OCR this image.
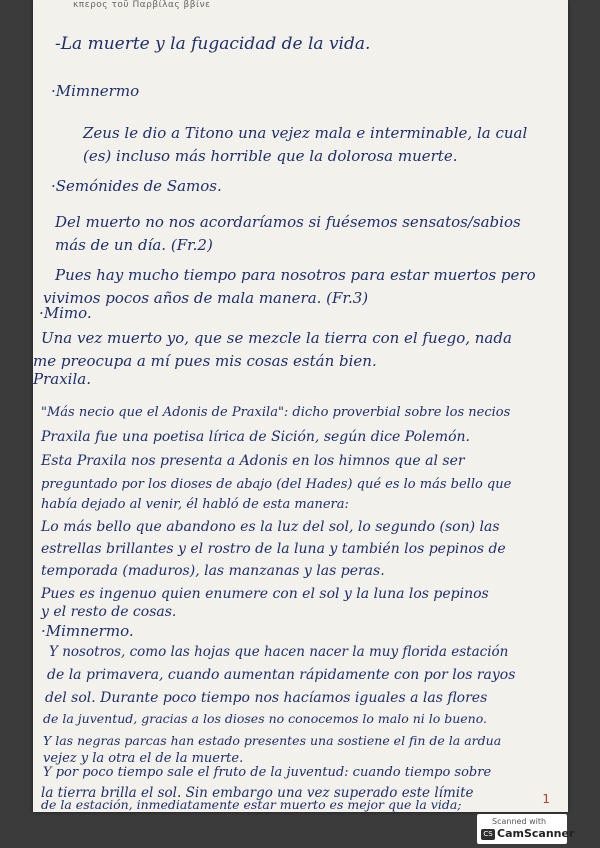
κπερος τοῦ Παρβίλας ββίνε
-La muerte y la fugacidad de la vida.
·Mimnermo
Zeus le dio a Titono una vejez mala e interminable, la cual
(es) incluso más horrible que la dolorosa muerte.
·Semónides de Samos.
Del muerto no nos acordaríamos si fuésemos sensatos/sabios
más de un día. (Fr.2)
Pues hay mucho tiempo para nosotros para estar muertos pero
vivimos pocos años de mala manera. (Fr.3)
·Mimo.
Una vez muerto yo, que se mezcle la tierra con el fuego, nada
me preocupa a mí pues mis cosas están bien.
Praxila.
"Más necio que el Adonis de Praxila": dicho proverbial sobre los necios
Praxila fue una poetisa lírica de Sición, según dice Polemón.
Esta Praxila nos presenta a Adonis en los himnos que al ser
preguntado por los dioses de abajo (del Hades) qué es lo más bello que
había dejado al venir, él habló de esta manera:
Lo más bello que abandono es la luz del sol, lo segundo (son) las
estrellas brillantes y el rostro de la luna y también los pepinos de
temporada (maduros), las manzanas y las peras.
Pues es ingenuo quien enumere con el sol y la luna los pepinos
y el resto de cosas.
·Mimnermo.
Y nosotros, como las hojas que hacen nacer la muy florida estación
de la primavera, cuando aumentan rápidamente con por los rayos
del sol. Durante poco tiempo nos hacíamos iguales a las flores
de la juventud, gracias a los dioses no conocemos lo malo ni lo bueno.
Y las negras parcas han estado presentes una sostiene el fin de la ardua
vejez y la otra el de la muerte.
Y por poco tiempo sale el fruto de la juventud: cuando tiempo sobre
la tierra brilla el sol. Sin embargo una vez superado este límite
de la estación, inmediatamente estar muerto es mejor que la vida;	1
Scanned with
CS CamScanner
